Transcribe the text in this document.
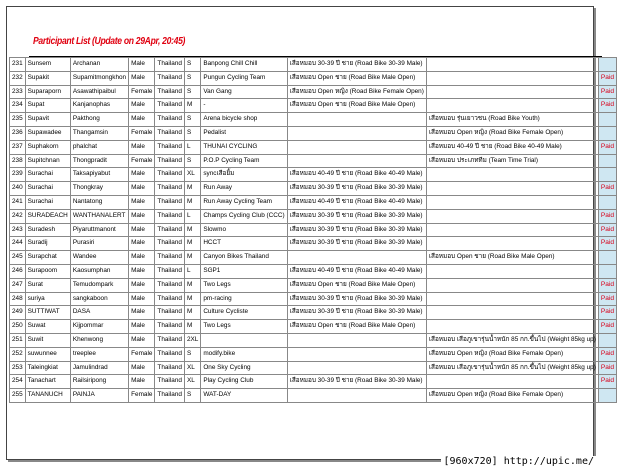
Participant List (Update on 29Apr, 20:45)
231	Sunsem	Archanan	Male	Thailand	S	Banpong Chill Chill	เสือหมอบ 30-39 ปี ชาย (Road Bike 30-39 Male)		
232	Supakit	Supamitmongkhon	Male	Thailand	S	Pungun Cycling Team	เสือหมอบ Open ชาย (Road Bike Male Open)		Paid
233	Suparaporn	Asawathipaibul	Female	Thailand	S	Van Gang	เสือหมอบ Open หญิง (Road Bike Female Open)		Paid
234	Supat	Kanjanophas	Male	Thailand	M	-	เสือหมอบ Open ชาย (Road Bike Male Open)		Paid
235	Supavit	Pakthong	Male	Thailand	S	Arena bicycle shop		เสือหมอบ รุ่นเยาวชน (Road Bike Youth)	
236	Supawadee	Thangamsin	Female	Thailand	S	Pedalist		เสือหมอบ Open หญิง (Road Bike Female Open)	
237	Suphakorn	phalchat	Male	Thailand	L	THUNAI CYCLING		เสือหมอบ 40-49 ปี ชาย (Road Bike 40-49 Male)	Paid
238	Supitchnan	Thongpradit	Female	Thailand	S	P.O.P Cycling Team		เสือหมอบ ประเภททีม (Team Time Trial)	
239	Surachai	Taksapiyabut	Male	Thailand	XL	syncเสือยิ้ม	เสือหมอบ 40-49 ปี ชาย (Road Bike 40-49 Male)		
240	Surachai	Thongkray	Male	Thailand	M	Run Away	เสือหมอบ 30-39 ปี ชาย (Road Bike 30-39 Male)		Paid
241	Surachai	Nantatong	Male	Thailand	M	Run Away Cycling Team	เสือหมอบ 40-49 ปี ชาย (Road Bike 40-49 Male)		
242	SURADEACH	WANTHANALERT	Male	Thailand	L	Champs Cycling Club (CCC)	เสือหมอบ 30-39 ปี ชาย (Road Bike 30-39 Male)		Paid
243	Suradesh	Piyaruttmanont	Male	Thailand	M	Slowmo	เสือหมอบ 30-39 ปี ชาย (Road Bike 30-39 Male)		Paid
244	Suradij	Purasiri	Male	Thailand	M	HCCT	เสือหมอบ 30-39 ปี ชาย (Road Bike 30-39 Male)		Paid
245	Surapchat	Wandee	Male	Thailand	M	Canyon Bikes Thailand		เสือหมอบ Open ชาย (Road Bike Male Open)	
246	Surapoom	Kaosumphan	Male	Thailand	L	SGP1	เสือหมอบ 40-49 ปี ชาย (Road Bike 40-49 Male)		
247	Surat	Temudompark	Male	Thailand	M	Two Legs	เสือหมอบ Open ชาย (Road Bike Male Open)		Paid
248	suriya	sangkaboon	Male	Thailand	M	pm-racing	เสือหมอบ 30-39 ปี ชาย (Road Bike 30-39 Male)		Paid
249	SUTTIWAT	DASA	Male	Thailand	M	Culture Cycliste	เสือหมอบ 30-39 ปี ชาย (Road Bike 30-39 Male)		Paid
250	Suwat	Kijpommar	Male	Thailand	M	Two Legs	เสือหมอบ Open ชาย (Road Bike Male Open)		Paid
251	Suwit	Khenwong	Male	Thailand	2XL			เสือหมอบ เสือภูเขารุ่นน้ำหนัก 85 กก.ขึ้นไป (Weight 85kg up)	
252	suwunnee	treeplee	Female	Thailand	S	modify.bike		เสือหมอบ Open หญิง (Road Bike Female Open)	Paid
253	Taleingkiat	Jamulindrad	Male	Thailand	XL	One Sky Cycling		เสือหมอบ เสือภูเขารุ่นน้ำหนัก 85 กก.ขึ้นไป (Weight 85kg up)	Paid
254	Tanachart	Railsiripong	Male	Thailand	XL	Play Cycling Club	เสือหมอบ 30-39 ปี ชาย (Road Bike 30-39 Male)		Paid
255	TANANUCH	PAINJA	Female	Thailand	S	WAT-DAY		เสือหมอบ Open หญิง (Road Bike Female Open)	
[960x720] http://upic.me/
